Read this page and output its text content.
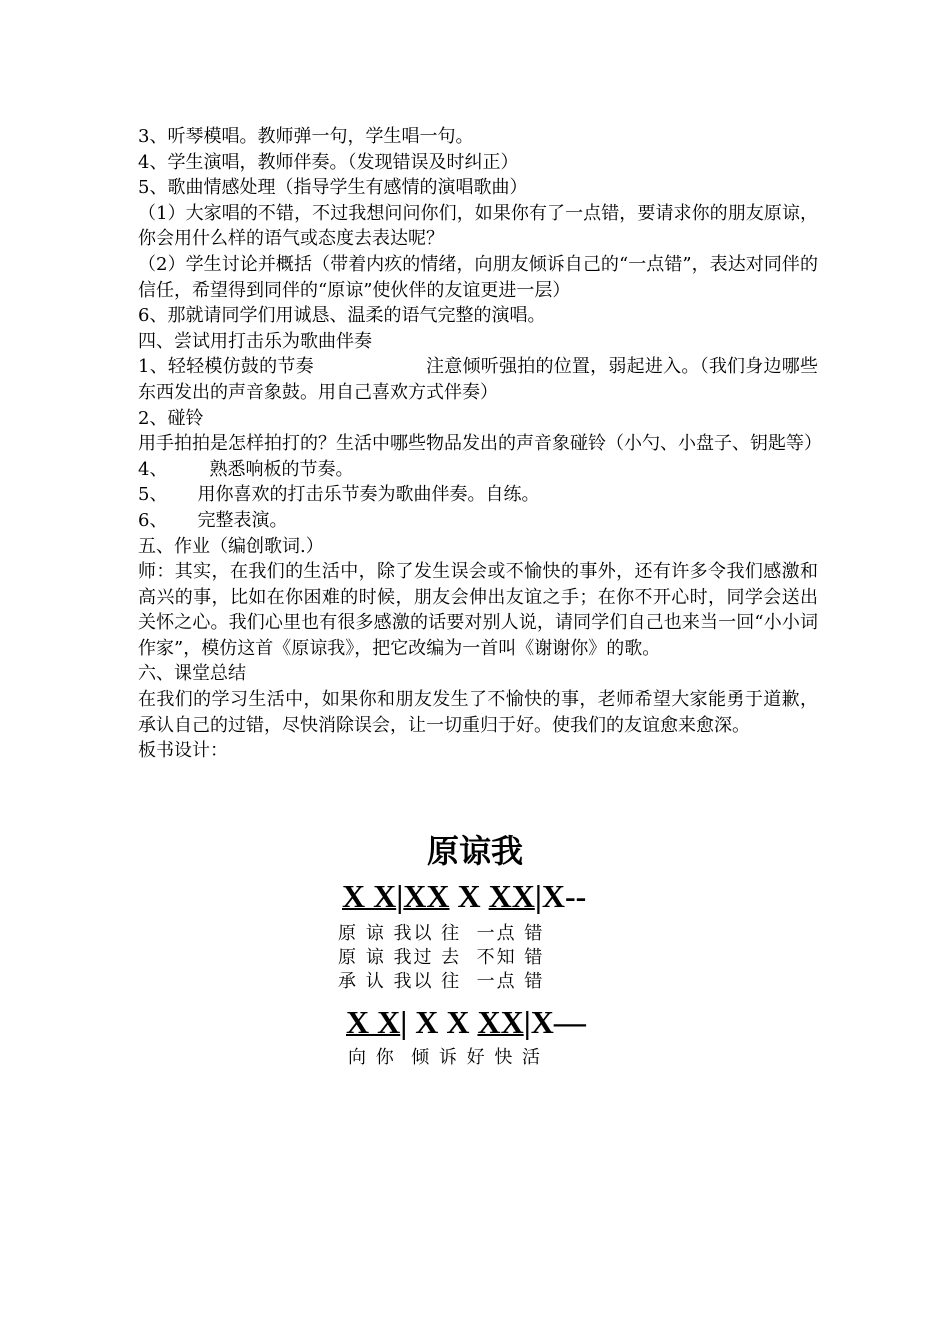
3、听琴模唱。教师弹一句，学生唱一句。
4、学生演唱，教师伴奏。（发现错误及时纠正）
5、歌曲情感处理（指导学生有感情的演唱歌曲）
（1）大家唱的不错，不过我想问问你们，如果你有了一点错，要请求你的朋友原谅，你会用什么样的语气或态度去表达呢？
（2）学生讨论并概括（带着内疚的情绪，向朋友倾诉自己的“一点错”，表达对同伴的信任，希望得到同伴的“原谅”使伙伴的友谊更进一层）
6、那就请同学们用诚恳、温柔的语气完整的演唱。
四、尝试用打击乐为歌曲伴奏
1、轻轻模仿鼓的节奏	注意倾听强拍的位置，弱起进入。（我们身边哪些东西发出的声音象鼓。用自己喜欢方式伴奏）
2、碰铃
用手拍拍是怎样拍打的？生活中哪些物品发出的声音象碰铃（小勺、小盘子、钥匙等）
4、 熟悉响板的节奏。
5、 用你喜欢的打击乐节奏为歌曲伴奏。自练。
6、 完整表演。
五、作业（编创歌词.）
师：其实，在我们的生活中，除了发生误会或不愉快的事外，还有许多令我们感激和高兴的事，比如在你困难的时候，朋友会伸出友谊之手；在你不开心时，同学会送出关怀之心。我们心里也有很多感激的话要对别人说，请同学们自己也来当一回“小小词作家”，模仿这首《原谅我》，把它改编为一首叫《谢谢你》的歌。
六、课堂总结
在我们的学习生活中，如果你和朋友发生了不愉快的事，老师希望大家能勇于道歉，承认自己的过错，尽快消除误会，让一切重归于好。使我们的友谊愈来愈深。
板书设计：
原谅我
X X|XX X XX|X--
原 谅 我以 往  一点 错
原 谅 我过 去  不知 错
承 认 我以 往  一点 错
X X| X X XX|X—
向 你  倾 诉 好 快 活
